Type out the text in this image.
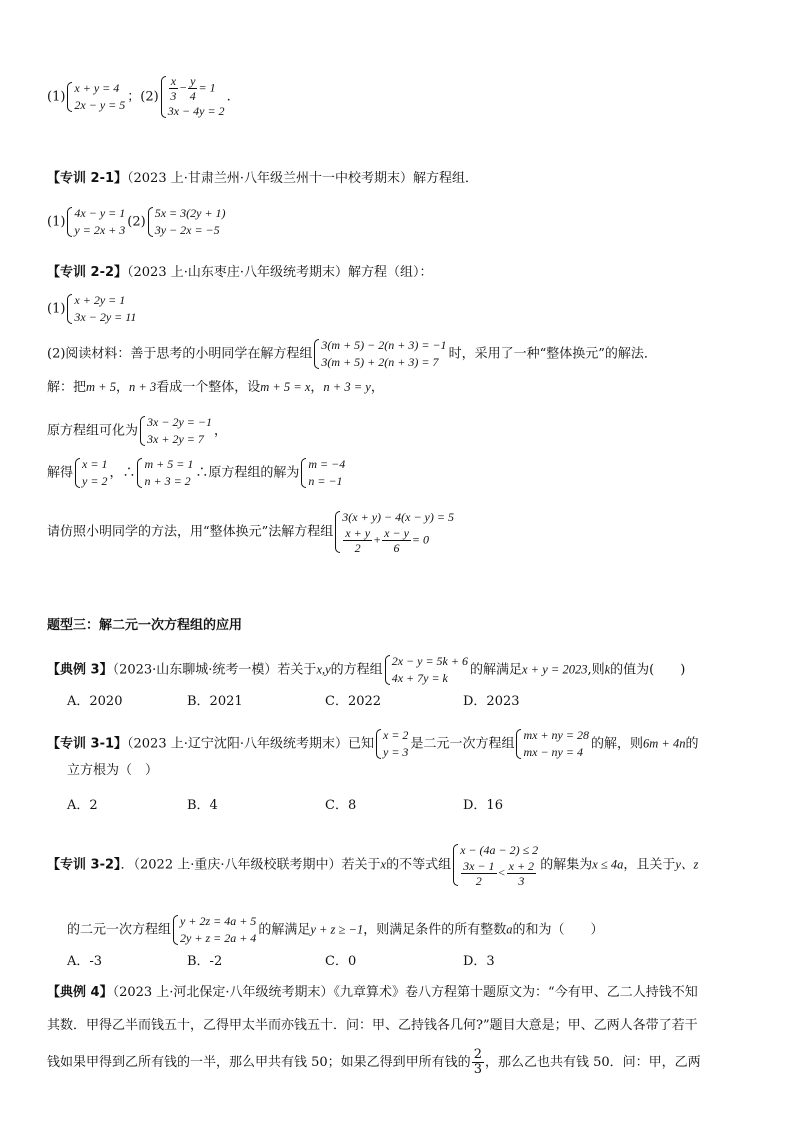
(1)
x + y = 4
2x − y = 5
；$(2) \frac{x}{3} - \frac{y}{4} = 1$
3x − 4y = 2
.
【专训 2-1】（2023 上·甘肃兰州·八年级兰州十一中校考期末）解方程组．
(1)
4x − y = 1
y = 2x + 3
(2)
5x = 3(2y + 1)
3y − 2x = −5
【专训 2-2】（2023 上·山东枣庄·八年级统考期末）解方程（组）：
(1)
x + 2y = 1
3x − 2y = 11
(2)阅读材料：善于思考的小明同学在解方程组
3(m + 5) − 2(n + 3) = −1
3(m + 5) + 2(n + 3) = 7
时，采用了一种“整体换元”的解法．
解：把m + 5，n + 3看成一个整体，设m + 5 = x，n + 3 = y，
原方程组可化为
3x − 2y = −1
3x + 2y = 7
，
解得
x = 1
y = 2
，∴
m + 5 = 1
n + 3 = 2
∴原方程组的解为
m = −4
n = −1
请仿照小明同学的方法，用“整体换元”法解方程组
3(x + y) − 4(x − y) = 5
$\frac{x + y}{2} + \frac{x - y}{6} = 0$
题型三：解二元一次方程组的应用
【典例 3】（2023·山东聊城·统考一模）若关于x,y的方程组
2x − y = 5k + 6
4x + 7y = k
的解满足x + y = 2023,则k的值为(　　)
A．2020	B．2021	C．2022	D．2023
【专训 3-1】（2023 上·辽宁沈阳·八年级统考期末）已知
x = 2
y = 3
是二元一次方程组
mx + ny = 28
mx − ny = 4
的解，则6m + 4n的
立方根为（　）
A．2	B．4	C．8	D．16
【专训 3-2】．（2022 上·重庆·八年级校联考期中）若关于x的不等式组
x − (4a − 2) ≤ 2
$\frac{3x - 1}{2} < \frac{x + 2}{3}$ 的解集为x ≤ 4a，且关于y、z
的二元一次方程组
y + 2z = 4a + 5
2y + z = 2a + 4
的解满足y + z ≥ −1，则满足条件的所有整数a的和为（　　）
A．-3	B．-2	C．0	D．3
【典例 4】（2023 上·河北保定·八年级统考期末）《九章算术》卷八方程第十题原文为：“今有甲、乙二人持钱不知
其数．甲得乙半而钱五十，乙得甲太半而亦钱五十．问：甲、乙持钱各几何?”题目大意是；甲、乙两人各带了若干
钱如果甲得到乙所有钱的一半，那么甲共有钱 50；如果乙得到甲所有钱的 $\frac{2}{3}$ ，那么乙也共有钱 50．问：甲，乙两
